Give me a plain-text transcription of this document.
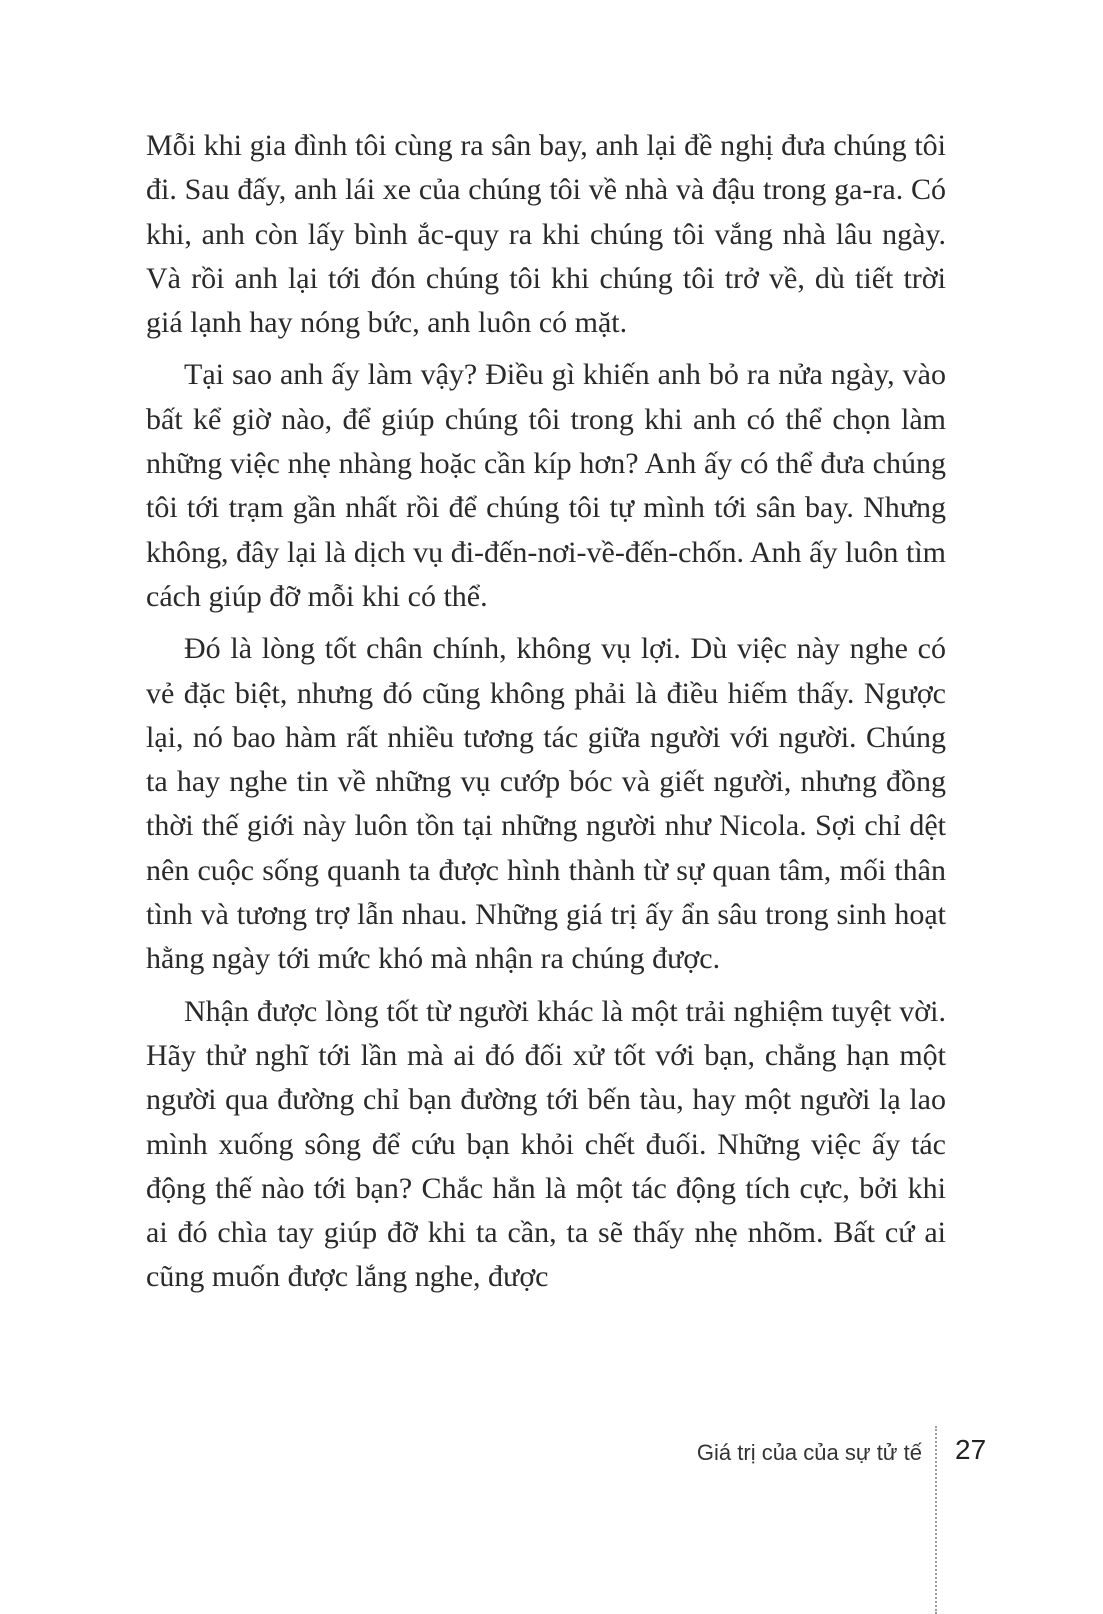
Mỗi khi gia đình tôi cùng ra sân bay, anh lại đề nghị đưa chúng tôi đi. Sau đấy, anh lái xe của chúng tôi về nhà và đậu trong ga-ra. Có khi, anh còn lấy bình ắc-quy ra khi chúng tôi vắng nhà lâu ngày. Và rồi anh lại tới đón chúng tôi khi chúng tôi trở về, dù tiết trời giá lạnh hay nóng bức, anh luôn có mặt.

Tại sao anh ấy làm vậy? Điều gì khiến anh bỏ ra nửa ngày, vào bất kể giờ nào, để giúp chúng tôi trong khi anh có thể chọn làm những việc nhẹ nhàng hoặc cần kíp hơn? Anh ấy có thể đưa chúng tôi tới trạm gần nhất rồi để chúng tôi tự mình tới sân bay. Nhưng không, đây lại là dịch vụ đi-đến-nơi-về-đến-chốn. Anh ấy luôn tìm cách giúp đỡ mỗi khi có thể.

Đó là lòng tốt chân chính, không vụ lợi. Dù việc này nghe có vẻ đặc biệt, nhưng đó cũng không phải là điều hiếm thấy. Ngược lại, nó bao hàm rất nhiều tương tác giữa người với người. Chúng ta hay nghe tin về những vụ cướp bóc và giết người, nhưng đồng thời thế giới này luôn tồn tại những người như Nicola. Sợi chỉ dệt nên cuộc sống quanh ta được hình thành từ sự quan tâm, mối thân tình và tương trợ lẫn nhau. Những giá trị ấy ẩn sâu trong sinh hoạt hằng ngày tới mức khó mà nhận ra chúng được.

Nhận được lòng tốt từ người khác là một trải nghiệm tuyệt vời. Hãy thử nghĩ tới lần mà ai đó đối xử tốt với bạn, chẳng hạn một người qua đường chỉ bạn đường tới bến tàu, hay một người lạ lao mình xuống sông để cứu bạn khỏi chết đuối. Những việc ấy tác động thế nào tới bạn? Chắc hẳn là một tác động tích cực, bởi khi ai đó chìa tay giúp đỡ khi ta cần, ta sẽ thấy nhẹ nhõm. Bất cứ ai cũng muốn được lắng nghe, được

Giá trị của của sự tử tế 27
